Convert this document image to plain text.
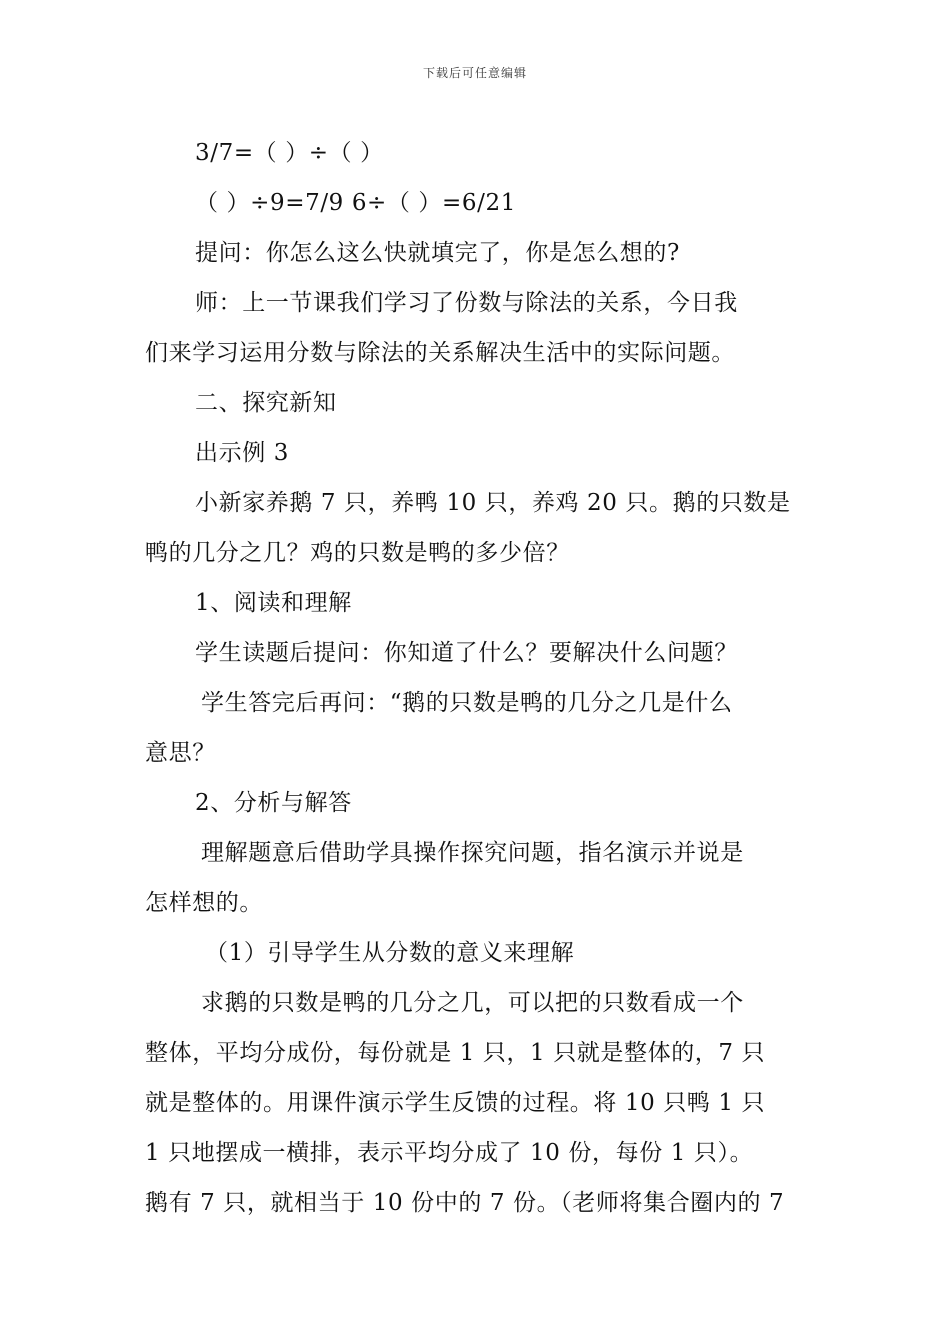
下载后可任意编辑
3/7=（ ）÷（ ）
（ ）÷9=7/9 6÷（ ）=6/21
提问：你怎么这么快就填完了，你是怎么想的?
师：上一节课我们学习了份数与除法的关系，今日我
们来学习运用分数与除法的关系解决生活中的实际问题。
二、探究新知
出示例 3
小新家养鹅 7 只，养鸭 10 只，养鸡 20 只。鹅的只数是
鸭的几分之几？鸡的只数是鸭的多少倍？
1、阅读和理解
学生读题后提问：你知道了什么？要解决什么问题？
学生答完后再问：“鹅的只数是鸭的几分之几是什么
意思？
2、分析与解答
理解题意后借助学具操作探究问题，指名演示并说是
怎样想的。
（1）引导学生从分数的意义来理解
求鹅的只数是鸭的几分之几，可以把的只数看成一个
整体，平均分成份，每份就是 1 只，1 只就是整体的，7 只
就是整体的。用课件演示学生反馈的过程。将 10 只鸭 1 只
1 只地摆成一横排，表示平均分成了 10 份，每份 1 只）。
鹅有 7 只，就相当于 10 份中的 7 份。（老师将集合圈内的 7
